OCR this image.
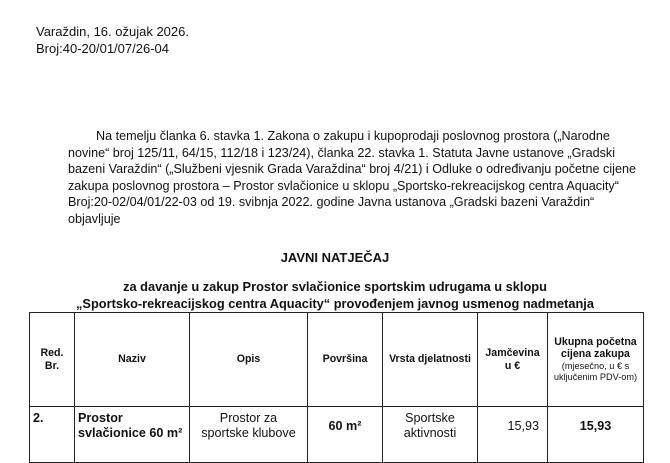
Varaždin, 16. ožujak 2026.
Broj:40-20/01/07/26-04
Na temelju članka 6. stavka 1. Zakona o zakupu i kupoprodaji poslovnog prostora („Narodne
novine“ broj 125/11, 64/15, 112/18 i 123/24), članka 22. stavka 1. Statuta Javne ustanove „Gradski
bazeni Varaždin“ („Službeni vjesnik Grada Varaždina“ broj 4/21) i Odluke o određivanju početne cijene
zakupa poslovnog prostora – Prostor svlačionice u sklopu „Sportsko-rekreacijskog centra Aquacity“
Broj:20-02/04/01/22-03 od 19. svibnja 2022. godine Javna ustanova „Gradski bazeni Varaždin“
objavljuje
JAVNI NATJEČAJ
za davanje u zakup Prostor svlačionice sportskim udrugama u sklopu
„Sportsko-rekreacijskog centra Aquacity“ provođenjem javnog usmenog nadmetanja
Red. Br.	Naziv	Opis	Površina	Vrsta djelatnosti	Jamčevina u €	Ukupna početna cijena zakupa
(mjesečno, u € s uključenim PDV-om)

2.	Prostor
svlačionice 60 m²	Prostor za
sportske klubove	60 m²	Sportske
aktivnosti	15,93	15,93
